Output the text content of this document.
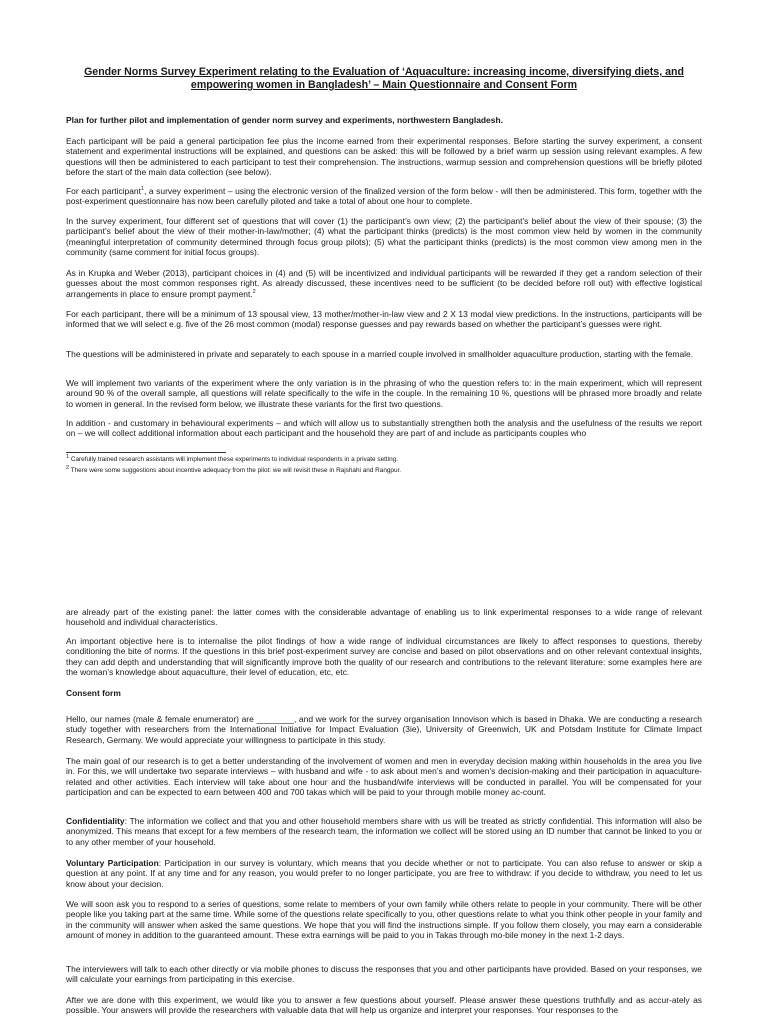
Gender Norms Survey Experiment relating to the Evaluation of ‘Aquaculture: increasing income, diversifying diets, and
empowering women in Bangladesh’ – Main Questionnaire and Consent Form

Plan for further pilot and implementation of gender norm survey and experiments, northwestern Bangladesh.

Each participant will be paid a general participation fee plus the income earned from their experimental responses. Before starting the survey experiment, a consent statement and experimental instructions will be explained, and questions can be asked: this will be followed by a brief warm up session using relevant examples. A few questions will then be administered to each participant to test their comprehension. The instructions, warmup session and comprehension questions will be briefly piloted before the start of the main data collection (see below).

For each participant$^1$, a survey experiment – using the electronic version of the finalized version of the form below - will then be administered. This form, together with the post-experiment questionnaire has now been carefully piloted and take a total of about one hour to complete.

In the survey experiment, four different set of questions that will cover (1) the participant’s own view; (2) the participant’s belief about the view of their spouse; (3) the participant’s belief about the view of their mother-in-law/mother; (4) what the participant thinks (predicts) is the most common view held by women in the community (meaningful interpretation of community determined through focus group pilots); (5) what the participant thinks (predicts) is the most common view among men in the community (same comment for initial focus groups).

As in Krupka and Weber (2013), participant choices in (4) and (5) will be incentivized and individual participants will be rewarded if they get a random selection of their guesses about the most common responses right. As already discussed, these incentives need to be sufficient (to be decided before roll out) with effective logistical arrangements in place to ensure prompt payment.$^2$

For each participant, there will be a minimum of 13 spousal view, 13 mother/mother-in-law view and 2 X 13 modal view predictions. In the instructions, participants will be informed that we will select e.g. five of the 26 most common (modal) response guesses and pay rewards based on whether the participant’s guesses were right.

The questions will be administered in private and separately to each spouse in a married couple involved in smallholder aquaculture production, starting with the female.

We will implement two variants of the experiment where the only variation is in the phrasing of who the question refers to: in the main experiment, which will represent around 90 % of the overall sample, all questions will relate specifically to the wife in the couple. In the remaining 10 %, questions will be phrased more broadly and relate to women in general. In the revised form below, we illustrate these variants for the first two questions.

In addition - and customary in behavioural experiments – and which will allow us to substantially strengthen both the analysis and the usefulness of the results we report on – we will collect additional information about each participant and the household they are part of and include as participants couples who

$^1$ Carefully trained research assistants will implement these experiments to individual respondents in a private setting.
$^2$ There were some suggestions about incentive adequacy from the pilot: we will revisit these in Rajshahi and Rangpur.

are already part of the existing panel: the latter comes with the considerable advantage of enabling us to link experimental responses to a wide range of relevant household and individual characteristics.

An important objective here is to internalise the pilot findings of how a wide range of individual circumstances are likely to affect responses to questions, thereby conditioning the bite of norms. If the questions in this brief post-experiment survey are concise and based on pilot observations and on other relevant contextual insights, they can add depth and understanding that will significantly improve both the quality of our research and contributions to the relevant literature: some examples here are the woman’s knowledge about aquaculture, their level of education, etc, etc.

Consent form

Hello, our names (male & female enumerator) are ________, and we work for the survey organisation Innovison which is based in Dhaka. We are conducting a research study together with researchers from the International Initiative for Impact Evaluation (3ie), University of Greenwich, UK and Potsdam Institute for Climate Impact Research, Germany. We would appreciate your willingness to participate in this study.

The main goal of our research is to get a better understanding of the involvement of women and men in everyday decision making within households in the area you live in. For this, we will undertake two separate interviews – with husband and wife - to ask about men’s and women’s decision-making and their participation in aquaculture-related and other activities. Each interview will take about one hour and the husband/wife interviews will be conducted in parallel. You will be compensated for your participation and can be expected to earn between 400 and 700 takas which will be paid to your through mobile money ac-count.

Confidentiality: The information we collect and that you and other household members share with us will be treated as strictly confidential. This information will also be anonymized. This means that except for a few members of the research team, the information we collect will be stored using an ID number that cannot be linked to you or to any other member of your household.

Voluntary Participation: Participation in our survey is voluntary, which means that you decide whether or not to participate. You can also refuse to answer or skip a question at any point. If at any time and for any reason, you would prefer to no longer participate, you are free to withdraw: if you decide to withdraw, you need to let us know about your decision.

We will soon ask you to respond to a series of questions, some relate to members of your own family while others relate to people in your community. There will be other people like you taking part at the same time. While some of the questions relate specifically to you, other questions relate to what you think other people in your family and in the community will answer when asked the same questions. We hope that you will find the instructions simple. If you follow them closely, you may earn a considerable amount of money in addition to the guaranteed amount. These extra earnings will be paid to you in Takas through mo-bile money in the next 1-2 days.

The interviewers will talk to each other directly or via mobile phones to discuss the responses that you and other participants have provided. Based on your responses, we will calculate your earnings from participating in this exercise.

After we are done with this experiment, we would like you to answer a few questions about yourself. Please answer these questions truthfully and as accur-ately as possible. Your answers will provide the researchers with valuable data that will help us organize and interpret your responses. Your responses to the
